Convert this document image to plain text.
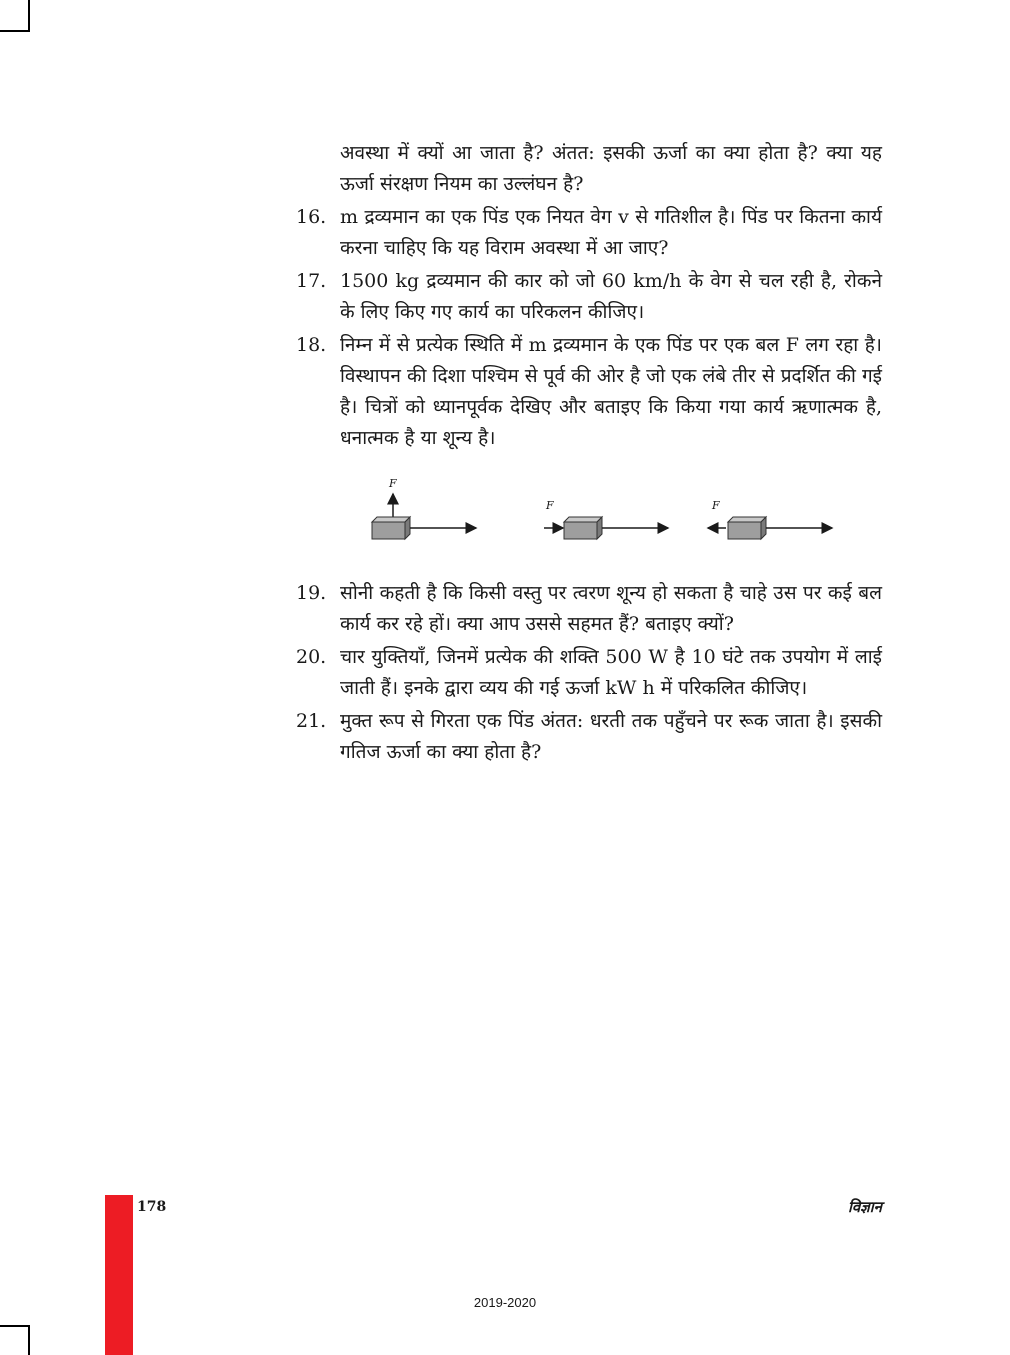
अवस्था में क्यों आ जाता है? अंतत: इसकी ऊर्जा का क्या होता है? क्या यह ऊर्जा संरक्षण नियम का उल्लंघन है?
16. m द्रव्यमान का एक पिंड एक नियत वेग v से गतिशील है। पिंड पर कितना कार्य करना चाहिए कि यह विराम अवस्था में आ जाए?
17. 1500 kg द्रव्यमान की कार को जो 60 km/h के वेग से चल रही है, रोकने के लिए किए गए कार्य का परिकलन कीजिए।
18. निम्न में से प्रत्येक स्थिति में m द्रव्यमान के एक पिंड पर एक बल F लग रहा है। विस्थापन की दिशा पश्चिम से पूर्व की ओर है जो एक लंबे तीर से प्रदर्शित की गई है। चित्रों को ध्यानपूर्वक देखिए और बताइए कि किया गया कार्य ऋणात्मक है, धनात्मक है या शून्य है।
19. सोनी कहती है कि किसी वस्तु पर त्वरण शून्य हो सकता है चाहे उस पर कई बल कार्य कर रहे हों। क्या आप उससे सहमत हैं? बताइए क्यों?
20. चार युक्तियाँ, जिनमें प्रत्येक की शक्ति 500 W है 10 घंटे तक उपयोग में लाई जाती हैं। इनके द्वारा व्यय की गई ऊर्जा kW h में परिकलित कीजिए।
21. मुक्त रूप से गिरता एक पिंड अंतत: धरती तक पहुँचने पर रूक जाता है। इसकी गतिज ऊर्जा का क्या होता है?
F
F	F
178	विज्ञान
2019-2020
